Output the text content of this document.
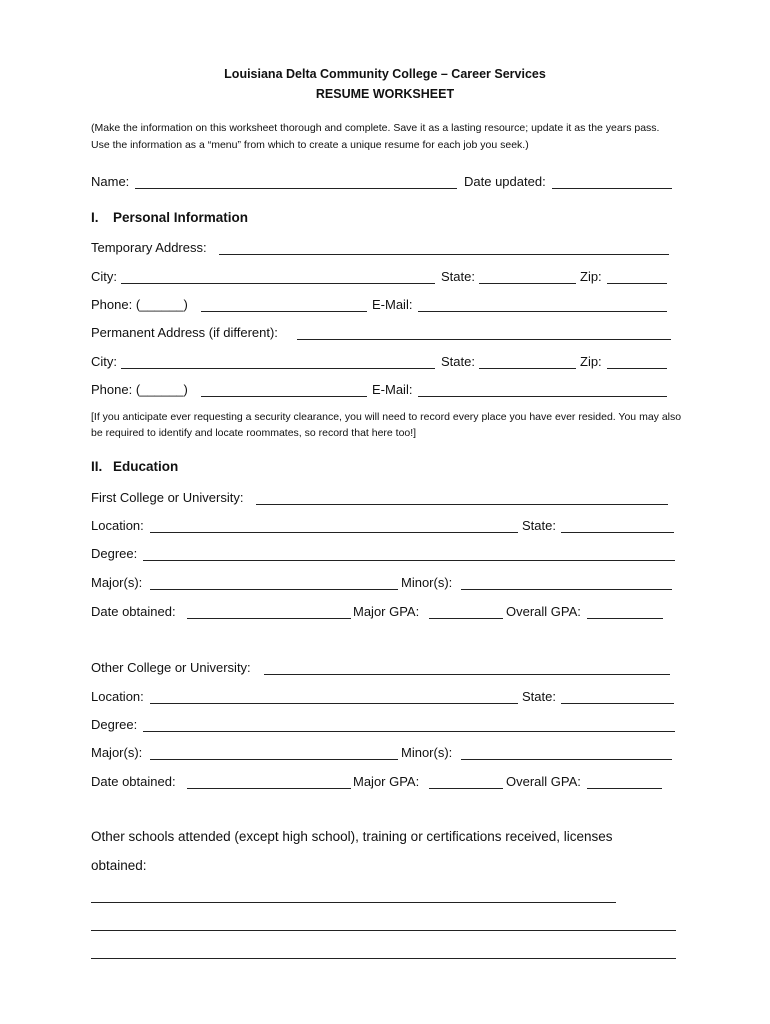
Louisiana Delta Community College – Career Services
RESUME WORKSHEET
(Make the information on this worksheet thorough and complete. Save it as a lasting resource; update it as the years pass. Use the information as a “menu” from which to create a unique resume for each job you seek.)
Name:	Date updated:
I. Personal Information
Temporary Address:
City:	State:	Zip:
Phone: (______)	E-Mail:
Permanent Address (if different):
City:	State:	Zip:
Phone: (______)	E-Mail:
[If you anticipate ever requesting a security clearance, you will need to record every place you have ever resided. You may also be required to identify and locate roommates, so record that here too!]
II. Education
First College or University:
Location:	State:
Degree:
Major(s):	Minor(s):
Date obtained:	Major GPA:	Overall GPA:
Other College or University:
Location:	State:
Degree:
Major(s):	Minor(s):
Date obtained:	Major GPA:	Overall GPA:
Other schools attended (except high school), training or certifications received, licenses
obtained:
